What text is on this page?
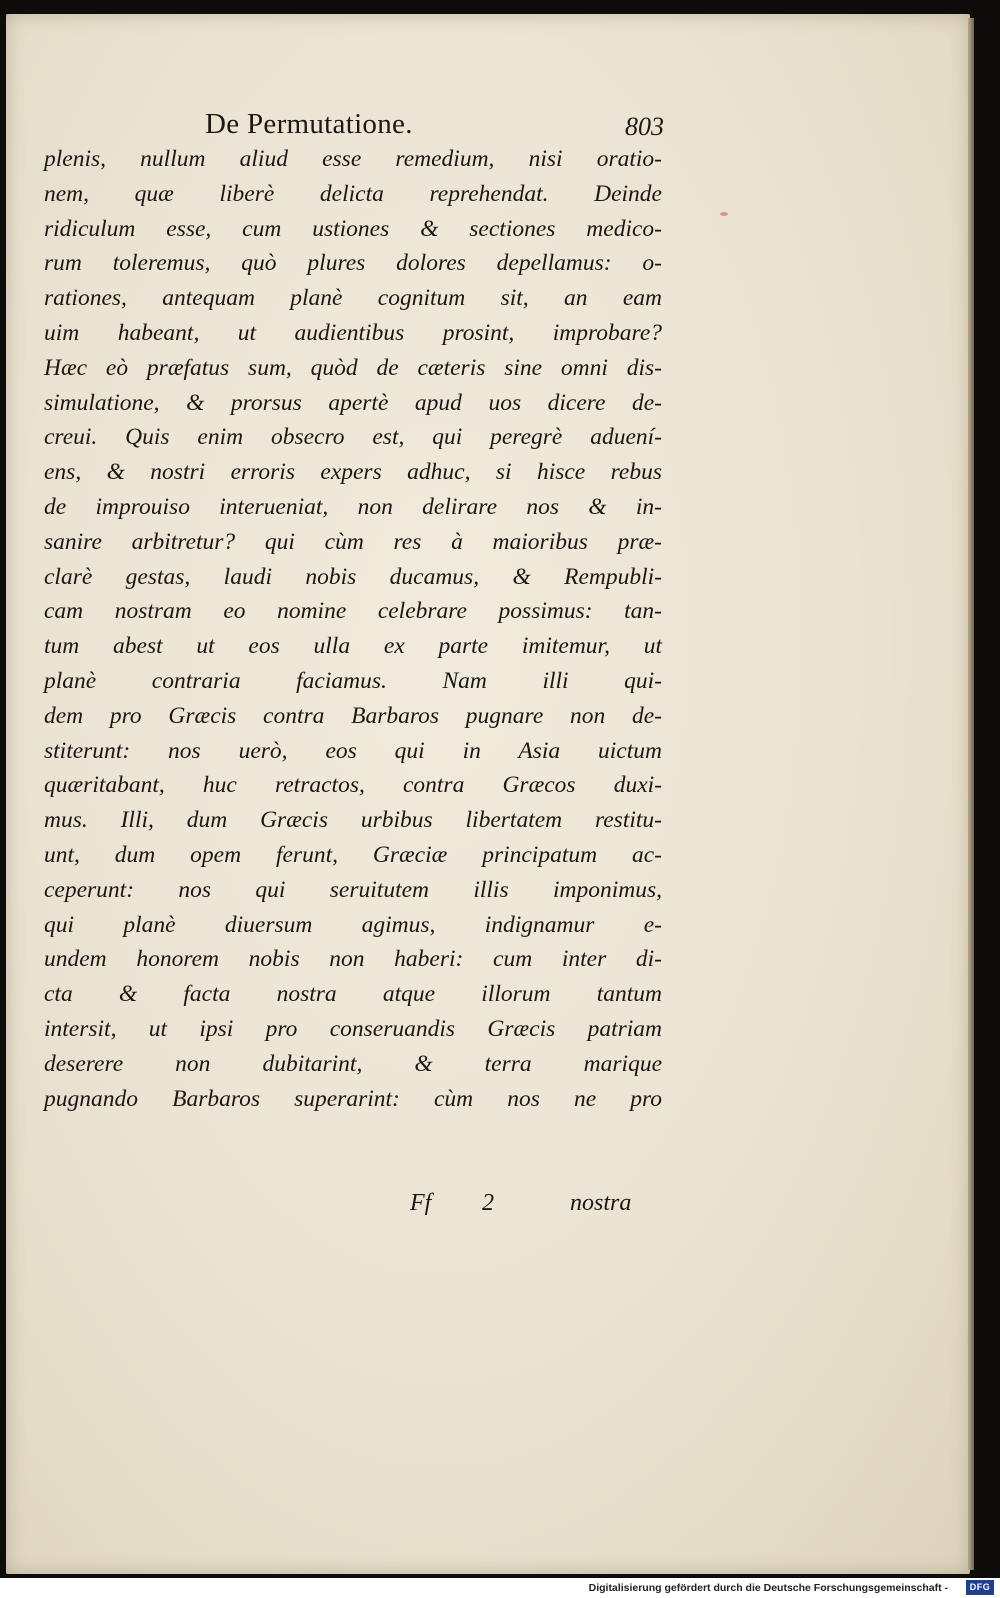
De Permutatione.	803
plenis, nullum aliud esse remedium, nisi oratio-
nem, quæ liberè delicta reprehendat. Deinde
ridiculum esse, cum ustiones & sectiones medico-
rum toleremus, quò plures dolores depellamus: o-
rationes, antequam planè cognitum sit, an eam
uim habeant, ut audientibus prosint, improbare?
Hæc eò præfatus sum, quòd de cæteris sine omni dis-
simulatione, & prorsus apertè apud uos dicere de-
creui. Quis enim obsecro est, qui peregrè aduení-
ens, & nostri erroris expers adhuc, si hisce rebus
de improuiso interueniat, non delirare nos & in-
sanire arbitretur? qui cùm res à maioribus præ-
clarè gestas, laudi nobis ducamus, & Rempubli-
cam nostram eo nomine celebrare possimus: tan-
tum abest ut eos ulla ex parte imitemur, ut
planè contraria faciamus. Nam illi qui-
dem pro Græcis contra Barbaros pugnare non de-
stiterunt: nos uerò, eos qui in Asia uictum
quæritabant, huc retractos, contra Græcos duxi-
mus. Illi, dum Græcis urbibus libertatem restitu-
unt, dum opem ferunt, Græciæ principatum ac-
ceperunt: nos qui seruitutem illis imponimus,
qui planè diuersum agimus, indignamur e-
undem honorem nobis non haberi: cum inter di-
cta & facta nostra atque illorum tantum
intersit, ut ipsi pro conseruandis Græcis patriam
deserere non dubitarint, & terra marique
pugnando Barbaros superarint: cùm nos ne pro
Ff 2	nostra
Digitalisierung gefördert durch die Deutsche Forschungsgemeinschaft -	DFG
